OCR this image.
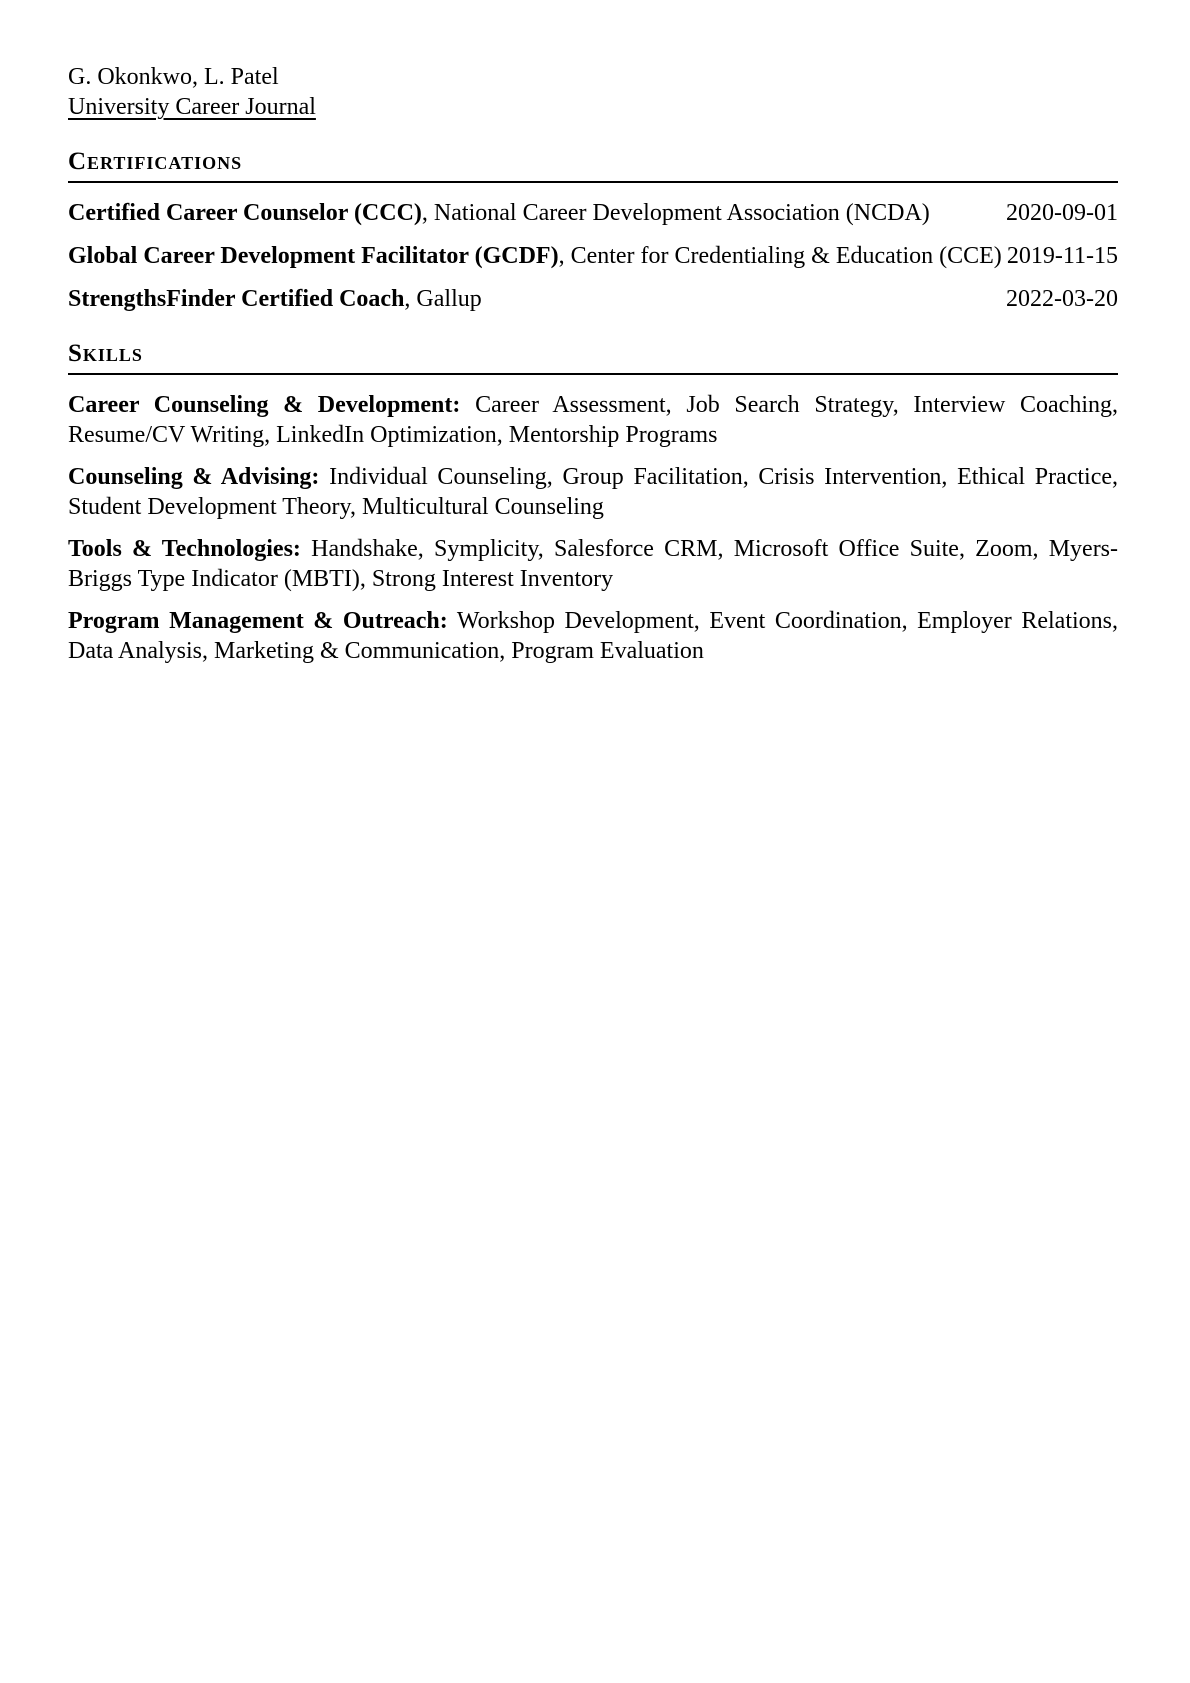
G. Okonkwo, L. Patel
University Career Journal
Certifications
Certified Career Counselor (CCC), National Career Development Association (NCDA)	2020-09-01
Global Career Development Facilitator (GCDF), Center for Credentialing & Education (CCE) 2019-11-15
StrengthsFinder Certified Coach, Gallup	2022-03-20
Skills

Career Counseling & Development: Career Assessment, Job Search Strategy, Interview Coaching, Resume/CV Writing, LinkedIn Optimization, Mentorship Programs

Counseling & Advising: Individual Counseling, Group Facilitation, Crisis Intervention, Ethical Practice, Student Development Theory, Multicultural Counseling

Tools & Technologies: Handshake, Symplicity, Salesforce CRM, Microsoft Office Suite, Zoom, Myers-Briggs Type Indicator (MBTI), Strong Interest Inventory

Program Management & Outreach: Workshop Development, Event Coordination, Employer Relations, Data Analysis, Marketing & Communication, Program Evaluation
